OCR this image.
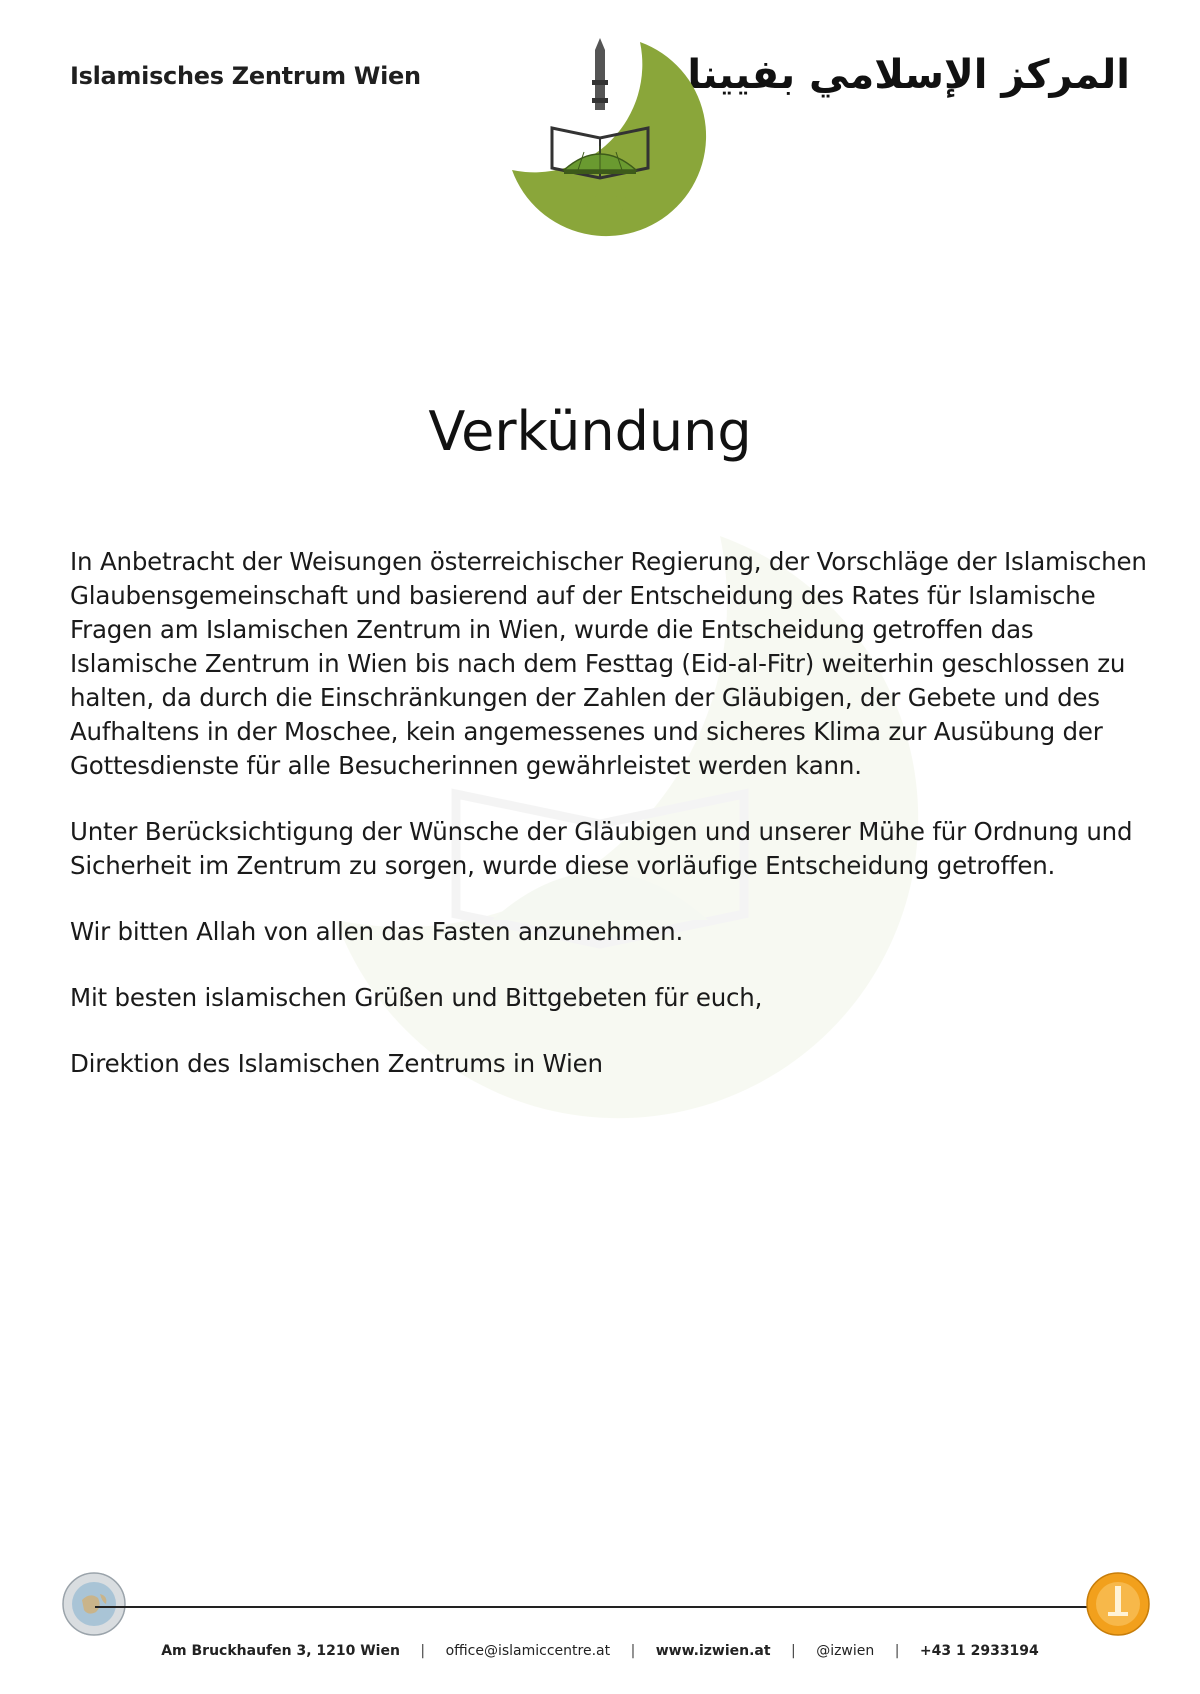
Islamisches Zentrum Wien	المركز الإسلامي بفيينا
IZW
IZW
Verkündung

In Anbetracht der Weisungen österreichischer Regierung, der Vorschläge der Islamischen Glaubensgemeinschaft und basierend auf der Entscheidung des Rates für Islamische Fragen am Islamischen Zentrum in Wien, wurde die Entscheidung getroffen das Islamische Zentrum in Wien bis nach dem Festtag (Eid-al-Fitr) weiterhin geschlossen zu halten, da durch die Einschränkungen der Zahlen der Gläubigen, der Gebete und des Aufhaltens in der Moschee, kein angemessenes und sicheres Klima zur Ausübung der Gottesdienste für alle Besucherinnen gewährleistet werden kann.

Unter Berücksichtigung der Wünsche der Gläubigen und unserer Mühe für Ordnung und Sicherheit im Zentrum zu sorgen, wurde diese vorläufige Entscheidung getroffen.

Wir bitten Allah von allen das Fasten anzunehmen.

Mit besten islamischen Grüßen und Bittgebeten für euch,

Direktion des Islamischen Zentrums in Wien

Am Bruckhaufen 3, 1210 Wien | office@islamiccentre.at | www.izwien.at | @izwien | +43 1 2933194
